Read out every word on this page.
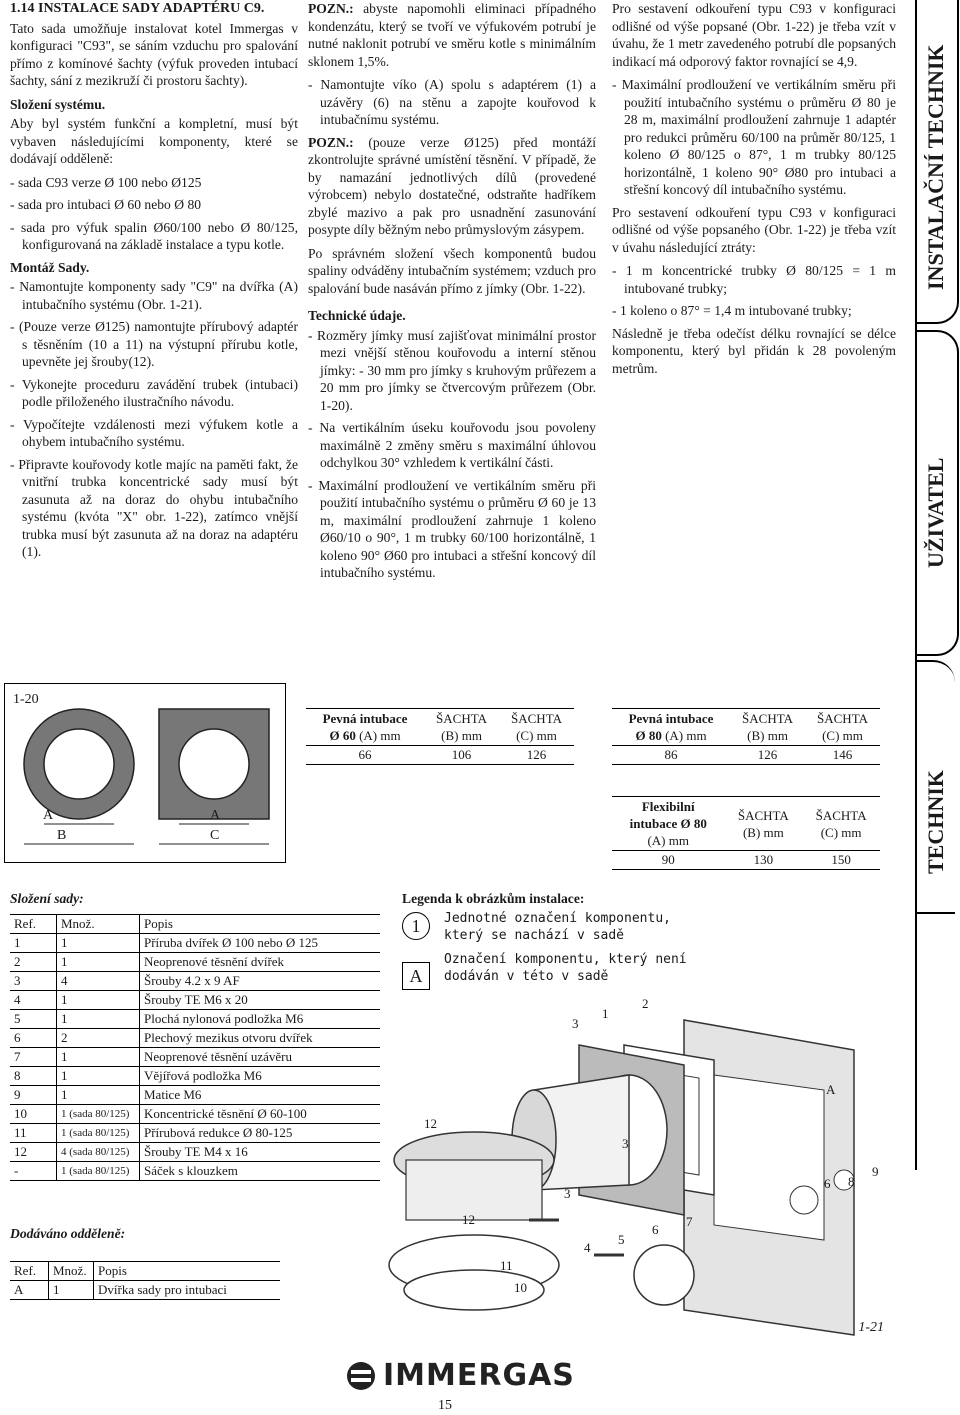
1.14 INSTALACE SADY ADAPTÉRU C9.

Tato sada umožňuje instalovat kotel Immergas v konfiguraci "C93", se sáním vzduchu pro spalování přímo z komínové šachty (výfuk proveden intubací šachty, sání z mezikruží či prostoru šachty).

Složení systému.

Aby byl systém funkční a kompletní, musí být vybaven následujícími komponenty, které se dodávají odděleně:

- sada C93 verze Ø 100 nebo Ø125
- sada pro intubaci Ø 60 nebo Ø 80
- sada pro výfuk spalin Ø60/100 nebo Ø 80/125, konfigurovaná na základě instalace a typu kotle.
Montáž Sady.
- Namontujte komponenty sady "C9" na dvířka (A) intubačního systému (Obr. 1-21).
- (Pouze verze Ø125) namontujte přírubový adaptér s těsněním (10 a 11) na výstupní přírubu kotle, upevněte jej šrouby(12).
- Vykonejte proceduru zavádění trubek (intubaci) podle přiloženého ilustračního návodu.
- Vypočítejte vzdálenosti mezi výfukem kotle a ohybem intubačního systému.
- Připravte kouřovody kotle majíc na paměti fakt, že vnitřní trubka koncentrické sady musí být zasunuta až na doraz do ohybu intubačního systému (kvóta "X" obr. 1-22), zatímco vnější trubka musí být zasunuta až na doraz na adaptéru (1).

POZN.: abyste napomohli eliminaci případného kondenzátu, který se tvoří ve výfukovém potrubí je nutné naklonit potrubí ve směru kotle s minimálním sklonem 1,5%.

- Namontujte víko (A) spolu s adaptérem (1) a uzávěry (6) na stěnu a zapojte kouřovod k intubačnímu systému.

POZN.: (pouze verze Ø125) před montáží zkontrolujte správné umístění těsnění. V případě, že by namazání jednotlivých dílů (provedené výrobcem) nebylo dostatečné, odstraňte hadříkem zbylé mazivo a pak pro usnadnění zasunování posypte díly běžným nebo průmyslovým zásypem.

Po správném složení všech komponentů budou spaliny odváděny intubačním systémem; vzduch pro spalování bude nasáván přímo z jímky (Obr. 1-22).

Technické údaje.
- Rozměry jímky musí zajišťovat minimální prostor mezi vnější stěnou kouřovodu a interní stěnou jímky: - 30 mm pro jímky s kruhovým průřezem a 20 mm pro jímky se čtvercovým průřezem (Obr. 1-20).
- Na vertikálním úseku kouřovodu jsou povoleny maximálně 2 změny směru s maximální úhlovou odchylkou 30° vzhledem k vertikální části.
- Maximální prodloužení ve vertikálním směru při použití intubačního systému o průměru Ø 60 je 13 m, maximální prodloužení zahrnuje 1 koleno Ø60/10 o 90°, 1 m trubky 60/100 horizontálně, 1 koleno 90° Ø60 pro intubaci a střešní koncový díl intubačního systému.

Pro sestavení odkouření typu C93 v konfiguraci odlišné od výše popsané (Obr. 1-22) je třeba vzít v úvahu, že 1 metr zavedeného potrubí dle popsaných indikací má odporový faktor rovnající se 4,9.

- Maximální prodloužení ve vertikálním směru při použití intubačního systému o průměru Ø 80 je 28 m, maximální prodloužení zahrnuje 1 adaptér pro redukci průměru 60/100 na průměr 80/125, 1 koleno Ø 80/125 o 87°, 1 m trubky 80/125 horizontálně, 1 koleno 90° Ø80 pro intubaci a střešní koncový díl intubačního systému.

Pro sestavení odkouření typu C93 v konfiguraci odlišné od výše popsaného (Obr. 1-22) je třeba vzít v úvahu následující ztráty:

- 1 m koncentrické trubky Ø 80/125 = 1 m intubované trubky;
- 1 koleno o 87° = 1,4 m intubované trubky;

Následně je třeba odečíst délku rovnající se délce komponentu, který byl přidán k 28 povoleným metrům.

INSTALAČNÍ TECHNIK
UŽIVATEL
TECHNIK
1-20
A
B
A
C
Pevná intubace
Ø 60 (A) mm	ŠACHTA
(B) mm	ŠACHTA
(C) mm
66	106	126
Pevná intubace
Ø 80 (A) mm	ŠACHTA
(B) mm	ŠACHTA
(C) mm
86	126	146
Flexibilní
intubace Ø 80
(A) mm	ŠACHTA
(B) mm	ŠACHTA
(C) mm
90	130	150
Složení sady:
Ref.	Množ.	Popis
1	1	Příruba dvířek Ø 100 nebo Ø 125
2	1	Neoprenové těsnění dvířek
3	4	Šrouby 4.2 x 9 AF
4	1	Šrouby TE M6 x 20
5	1	Plochá nylonová podložka M6
6	2	Plechový mezikus otvoru dvířek
7	1	Neoprenové těsnění uzávěru
8	1	Vějířová podložka M6
9	1	Matice M6
10	1 (sada 80/125)	Koncentrické těsnění Ø 60-100
11	1 (sada 80/125)	Přírubová redukce Ø 80-125
12	4 (sada 80/125)	Šrouby TE M4 x 16
-	1 (sada 80/125)	Sáček s klouzkem
Dodáváno odděleně:
Ref.	Množ.	Popis
A	1	Dvířka sady pro intubaci
Legenda k obrázkům instalace:
1	Jednotné označení komponentu, který se nachází v sadě
A
Označení komponentu, který není dodáván v této v sadě
3
1
2
A
12
3
3
12
6 8
9
7
4
5
6
11
10
1-21
IMMERGAS
15
